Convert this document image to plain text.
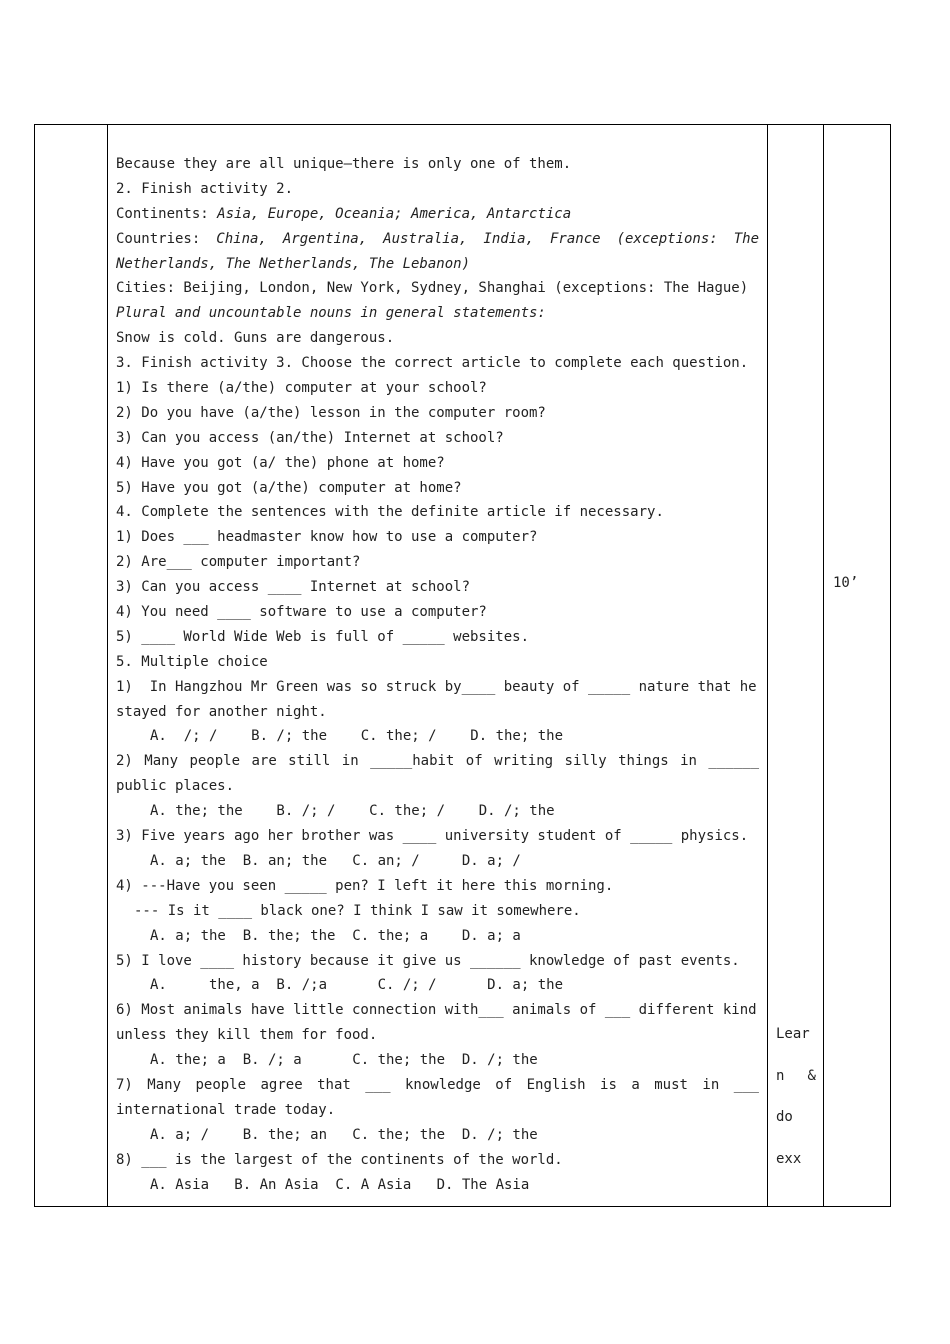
Because they are all unique—there is only one of them.
2. Finish activity 2.
Continents: Asia, Europe, Oceania; America, Antarctica
Countries: China, Argentina, Australia, India, France (exceptions: The
Netherlands, The Netherlands, The Lebanon)
Cities: Beijing, London, New York, Sydney, Shanghai (exceptions: The Hague)
Plural and uncountable nouns in general statements:
Snow is cold. Guns are dangerous.
3. Finish activity 3. Choose the correct article to complete each question.
1) Is there (a/the) computer at your school?
2) Do you have (a/the) lesson in the computer room?
3) Can you access (an/the) Internet at school?
4) Have you got (a/ the) phone at home?
5) Have you got (a/the) computer at home?
4. Complete the sentences with the definite article if necessary.
1) Does ___ headmaster know how to use a computer?
2) Are___ computer important?
3) Can you access ____ Internet at school?
4) You need ____ software to use a computer?
5) ____ World Wide Web is full of _____ websites.
5. Multiple choice
1)  In Hangzhou Mr Green was so struck by____ beauty of _____ nature that he
stayed for another night.
A.  /; /    B. /; the    C. the; /    D. the; the
2) Many people are still in _____habit of writing silly things in ______
public places.
A. the; the    B. /; /    C. the; /    D. /; the
3) Five years ago her brother was ____ university student of _____ physics.
A. a; the  B. an; the   C. an; /     D. a; /
4) ---Have you seen _____ pen? I left it here this morning.
--- Is it ____ black one? I think I saw it somewhere.
A. a; the  B. the; the  C. the; a    D. a; a
5) I love ____ history because it give us ______ knowledge of past events.
A.     the, a  B. /;a      C. /; /      D. a; the
6) Most animals have little connection with___ animals of ___ different kind
unless they kill them for food.
A. the; a  B. /; a      C. the; the  D. /; the
7) Many people agree that ___ knowledge of English is a must in ___
international trade today.
A. a; /    B. the; an   C. the; the  D. /; the
8) ___ is the largest of the continents of the world.
A. Asia   B. An Asia  C. A Asia   D. The Asia
Lear
n &
do
exx
10’
